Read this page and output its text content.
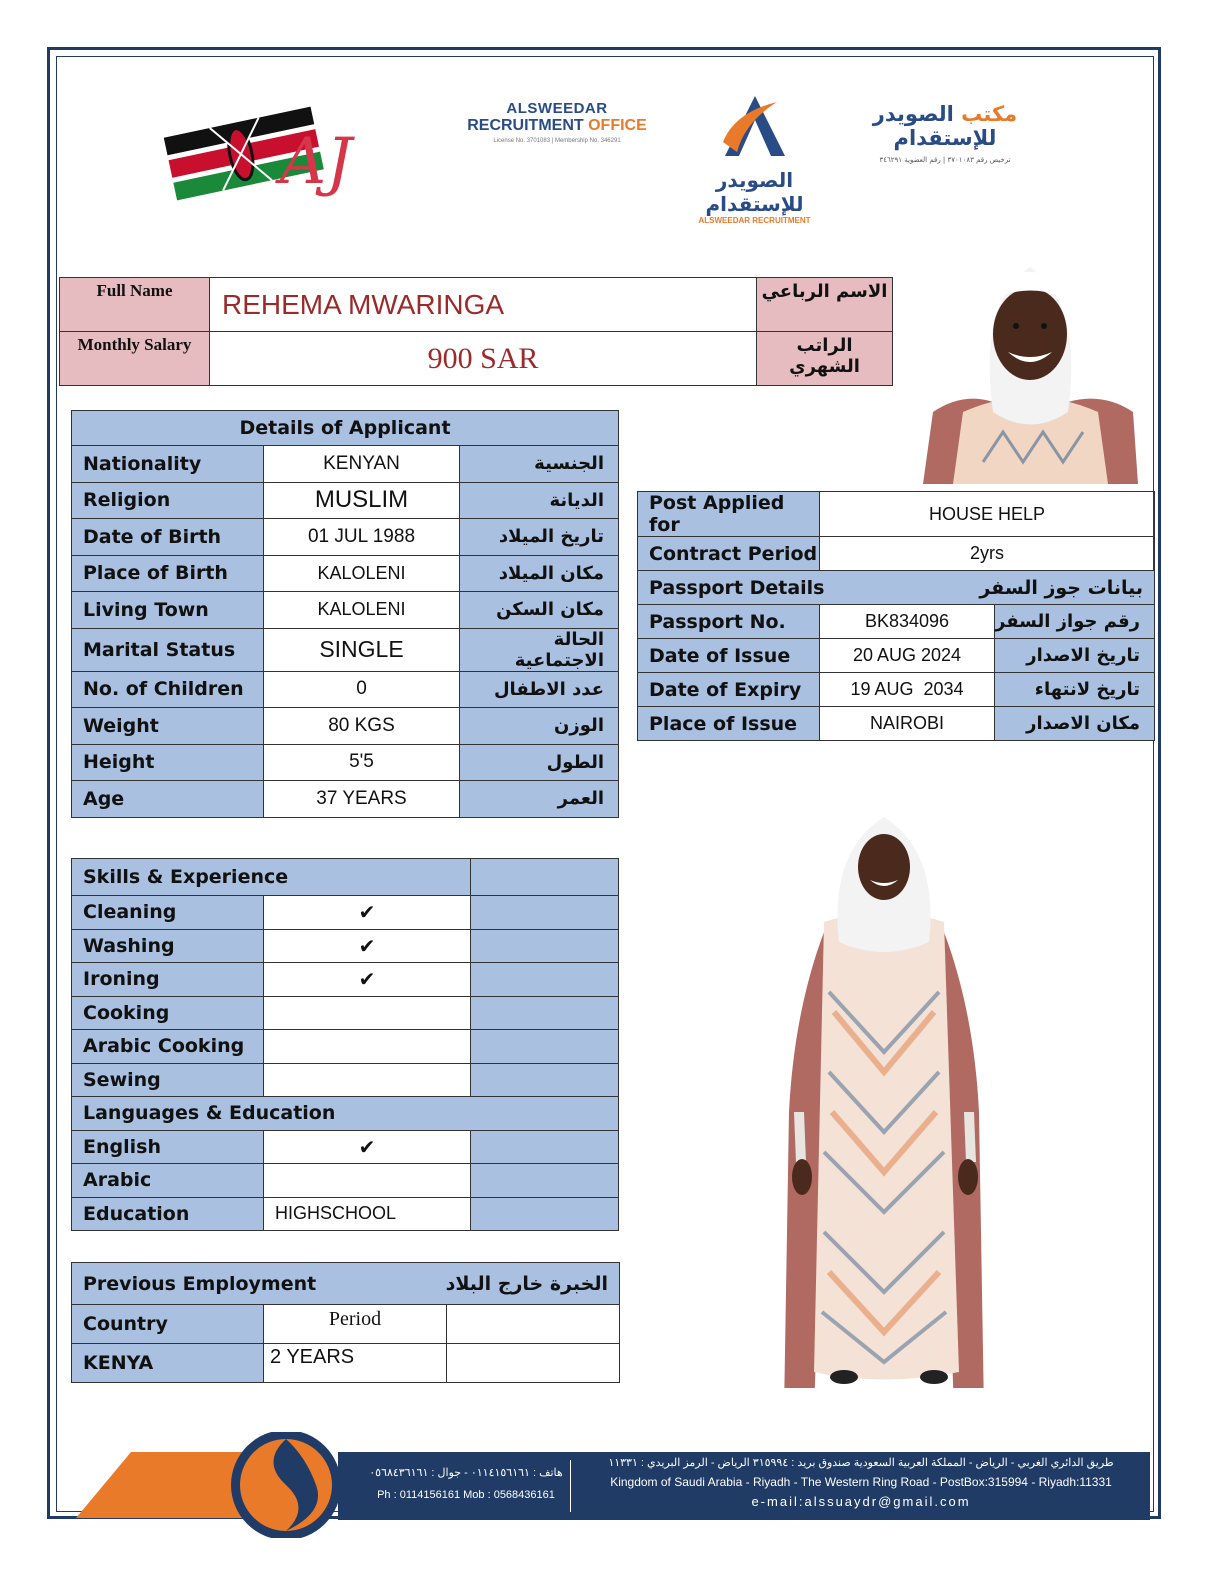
AJ
ALSWEEDAR
RECRUITMENT OFFICE
License No. 3701083 | Membership No. 346291
الصويدر للإستقدام
ALSWEEDAR RECRUITMENT
مكتب الصويدر للإستقدام
ترخيص رقم ٣٧٠١٠٨٣ | رقم العضوية ٣٤٦٢٩١
Full Name	REHEMA MWARINGA	الاسم الرباعي
Monthly Salary	900 SAR	الراتب الشهري
Details of Applicant		
Nationality	KENYAN	الجنسية
Religion	MUSLIM	الديانة
Date of Birth	01 JUL 1988	تاريخ الميلاد
Place of Birth	KALOLENI	مكان الميلاد
Living Town	KALOLENI	مكان السكن
Marital Status	SINGLE	الحالة الاجتماعية
No. of Children	0	عدد الاطفال
Weight	80 KGS	الوزن
Height	5'5	الطول
Age	37 YEARS	العمر
Post Applied for	HOUSE HELP	
Contract Period	2yrs	
Passport Details بيانات جوز السفر		

Passport No.	BK834096	رقم جواز السفر
Date of Issue	20 AUG 2024	تاريخ الاصدار
Date of Expiry	19 AUG  2034	تاريخ لانتهاء
Place of Issue	NAIROBI	مكان الاصدار
Skills & Experience		
Cleaning	✔	
Washing	✔	
Ironing	✔	
Cooking		
Arabic Cooking		
Sewing		
Languages & Education		
English	✔	
Arabic		
Education	HIGHSCHOOL	
Previous Employment الخبرة خارج البلاد		

Country	Period	
KENYA	2 YEARS	
هاتف : ٠١١٤١٥٦١٦١ - جوال : ٠٥٦٨٤٣٦١٦١
Ph : 0114156161 Mob : 0568436161
طريق الدائري الغربي - الرياض - المملكة العربية السعودية صندوق بريد : ٣١٥٩٩٤ الرياض - الرمز البريدي : ١١٣٣١
Kingdom of Saudi Arabia - Riyadh - The Western Ring Road - PostBox:315994 - Riyadh:11331
e-mail:alssuaydr@gmail.com
